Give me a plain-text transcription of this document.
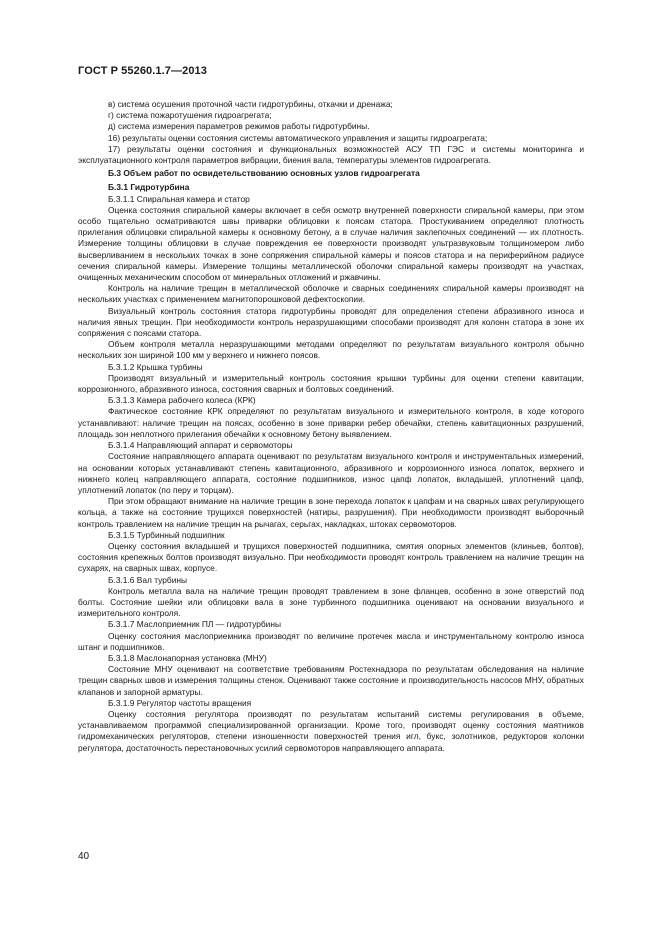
ГОСТ Р 55260.1.7—2013

в) система осушения проточной части гидротурбины, откачки и дренажа;

г) система пожаротушения гидроагрегата;

д) система измерения параметров режимов работы гидротурбины.

16) результаты оценки состояния системы автоматического управления и защиты гидроагрегата;

17) результаты оценки состояния и функциональных возможностей АСУ ТП ГЭС и системы мониторинга и эксплуатационного контроля параметров вибрации, биения вала, температуры элементов гидроагрегата.

Б.3 Объем работ по освидетельствованию основных узлов гидроагрегата

Б.3.1 Гидротурбина

Б.3.1.1 Спиральная камера и статор

Оценка состояния спиральной камеры включает в себя осмотр внутренней поверхности спиральной камеры, при этом особо тщательно осматриваются швы приварки облицовки к поясам статора. Простукиванием определяют плотность прилегания облицовки спиральной камеры к основному бетону, а в случае наличия заклепочных соединений — их плотность. Измерение толщины облицовки в случае повреждения ее поверхности производят ультразвуковым толщиномером либо высверливанием в нескольких точках в зоне сопряжения спиральной камеры и поясов статора и на периферийном радиусе сечения спиральной камеры. Измерение толщины металлической оболочки спиральной камеры производят на участках, очищенных механическим способом от минеральных отложений и ржавчины.

Контроль на наличие трещин в металлической оболочке и сварных соединениях спиральной камеры производят на нескольких участках с применением магнитопорошковой дефектоскопии.

Визуальный контроль состояния статора гидротурбины проводят для определения степени абразивного износа и наличия явных трещин. При необходимости контроль неразрушающими способами производят для колонн статора в зоне их сопряжения с поясами статора.

Объем контроля металла неразрушающими методами определяют по результатам визуального контроля обычно нескольких зон шириной 100 мм у верхнего и нижнего поясов.

Б.3.1.2 Крышка турбины

Производят визуальный и измерительный контроль состояния крышки турбины для оценки степени кавитации, коррозионного, абразивного износа, состояния сварных и болтовых соединений.

Б.3.1.3 Камера рабочего колеса (КРК)

Фактическое состояние КРК определяют по результатам визуального и измерительного контроля, в ходе которого устанавливают: наличие трещин на поясах, особенно в зоне приварки ребер обечайки, степень кавитационных разрушений, площадь зон неплотного прилегания обечайки к основному бетону выявлением.

Б.3.1.4 Направляющий аппарат и сервомоторы

Состояние направляющего аппарата оценивают по результатам визуального контроля и инструментальных измерений, на основании которых устанавливают степень кавитационного, абразивного и коррозионного износа лопаток, верхнего и нижнего колец направляющего аппарата, состояние подшипников, износ цапф лопаток, вкладышей, уплотнений цапф, уплотнений лопаток (по перу и торцам).

При этом обращают внимание на наличие трещин в зоне перехода лопаток к цапфам и на сварных швах регулирующего кольца, а также на состояние трущихся поверхностей (натиры, разрушения). При необходимости производят выборочный контроль травлением на наличие трещин на рычагах, серьгах, накладках, штоках сервомоторов.

Б.3.1.5 Турбинный подшипник

Оценку состояния вкладышей и трущихся поверхностей подшипника, смятия опорных элементов (клиньев, болтов), состояния крепежных болтов производят визуально. При необходимости проводят контроль травлением на наличие трещин на сухарях, на сварных швах, корпусе.

Б.3.1.6 Вал турбины

Контроль металла вала на наличие трещин проводят травлением в зоне фланцев, особенно в зоне отверстий под болты. Состояние шейки или облицовки вала в зоне турбинного подшипника оценивают на основании визуального и измерительного контроля.

Б.3.1.7 Маслоприемник ПЛ — гидротурбины

Оценку состояния маслоприемника производят по величине протечек масла и инструментальному контролю износа штанг и подшипников.

Б.3.1.8 Маслонапорная установка (МНУ)

Состояние МНУ оценивают на соответствие требованиям Ростехнадзора по результатам обследования на наличие трещин сварных швов и измерения толщины стенок. Оценивают также состояние и производительность насосов МНУ, обратных клапанов и запорной арматуры.

Б.3.1.9 Регулятор частоты вращения

Оценку состояния регулятора производят по результатам испытаний системы регулирования в объеме, устанавливаемом программой специализированной организации. Кроме того, производят оценку состояния маятников гидромеханических регуляторов, степени изношенности поверхностей трения игл, букс, золотников, редукторов колонки регулятора, достаточность перестановочных усилий сервомоторов направляющего аппарата.

40
